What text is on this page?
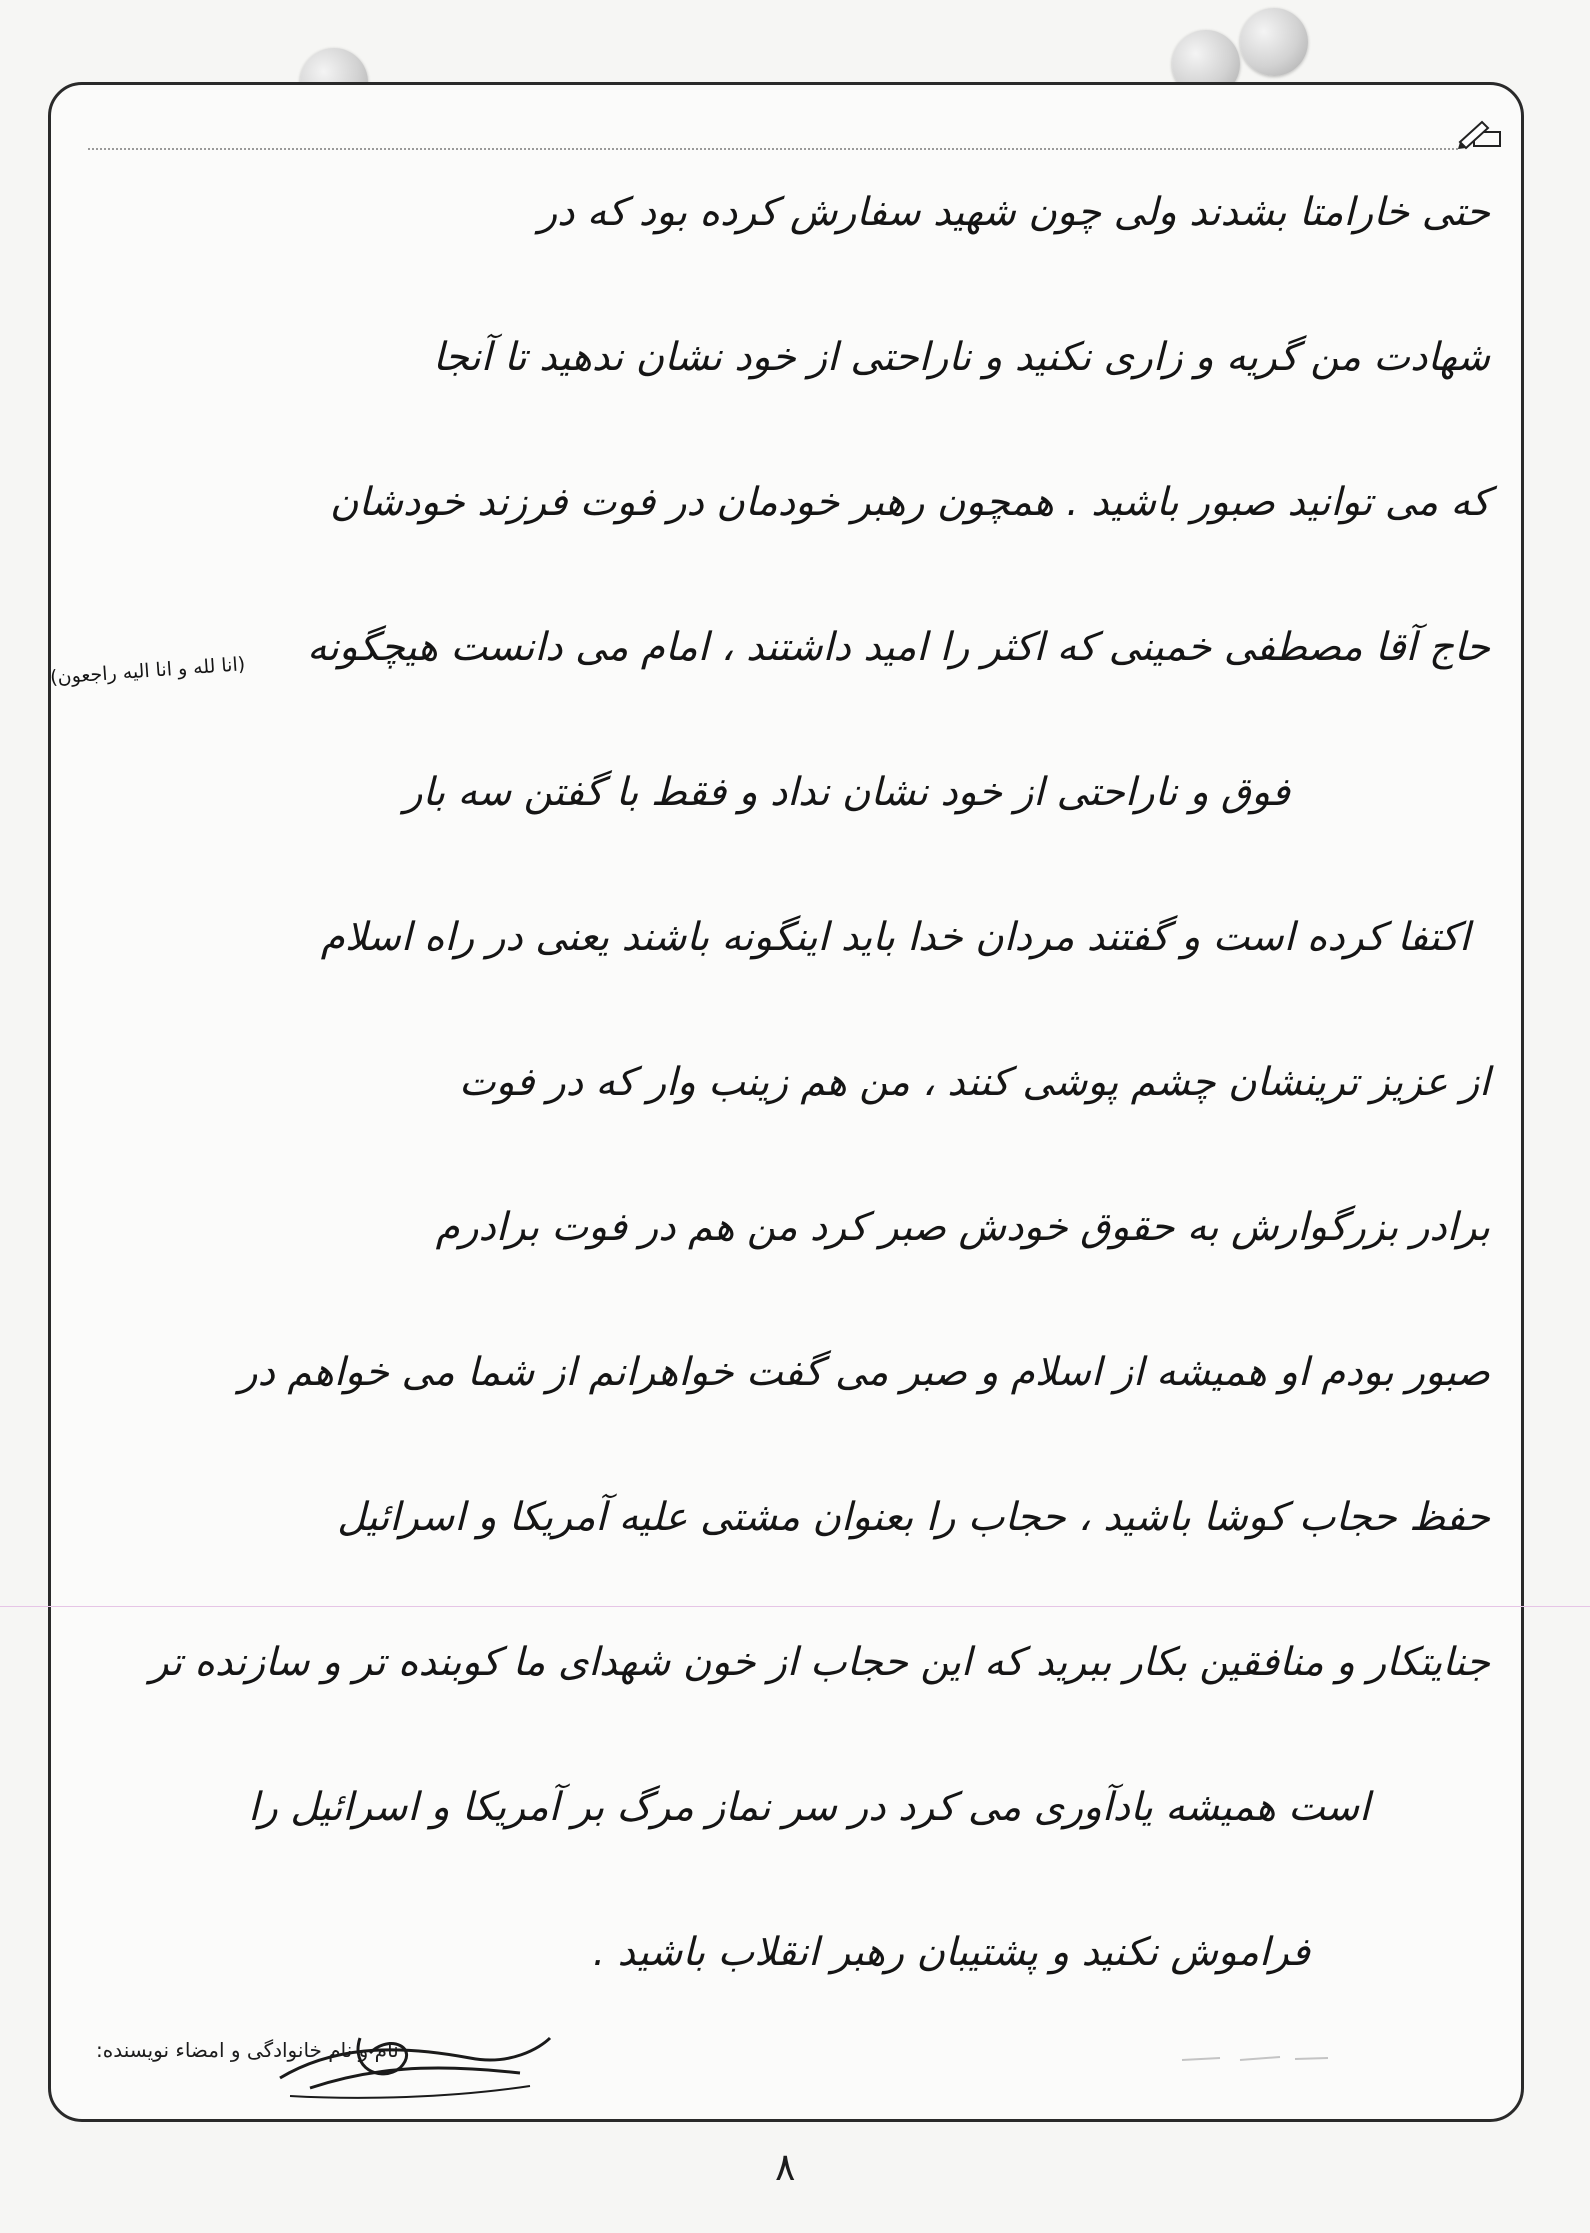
حتی خارامتا بشدند ولی چون شهید سفارش کرده بود که در
شهادت من گریه و زاری نکنید و ناراحتی از خود نشان ندهید تا آنجا
که می توانید صبور باشید . همچون رهبر خودمان در فوت فرزند خودشان
حاج آقا مصطفی خمینی که اکثر را امید داشتند ، امام می دانست هیچگونه
فوق و ناراحتی از خود نشان نداد و فقط با گفتن سه بار
اکتفا کرده است و گفتند مردان خدا باید اینگونه باشند یعنی در راه اسلام
از عزیز ترینشان چشم پوشی کنند ، من هم زینب وار که در فوت
برادر بزرگوارش به حقوق خودش صبر کرد من هم در فوت برادرم
صبور بودم او همیشه از اسلام و صبر می گفت خواهرانم از شما می خواهم در
حفظ حجاب کوشا باشید ، حجاب را بعنوان مشتی علیه آمریکا و اسرائیل
جنایتکار و منافقین بکار ببرید که این حجاب از خون شهدای ما کوبنده تر و سازنده تر
است همیشه یادآوری می کرد در سر نماز مرگ بر آمریکا و اسرائیل را
فراموش نکنید و پشتیبان رهبر انقلاب باشید .
(انا لله و انا الیه راجعون)
نام و نام خانوادگی و امضاء نویسنده:
۸
